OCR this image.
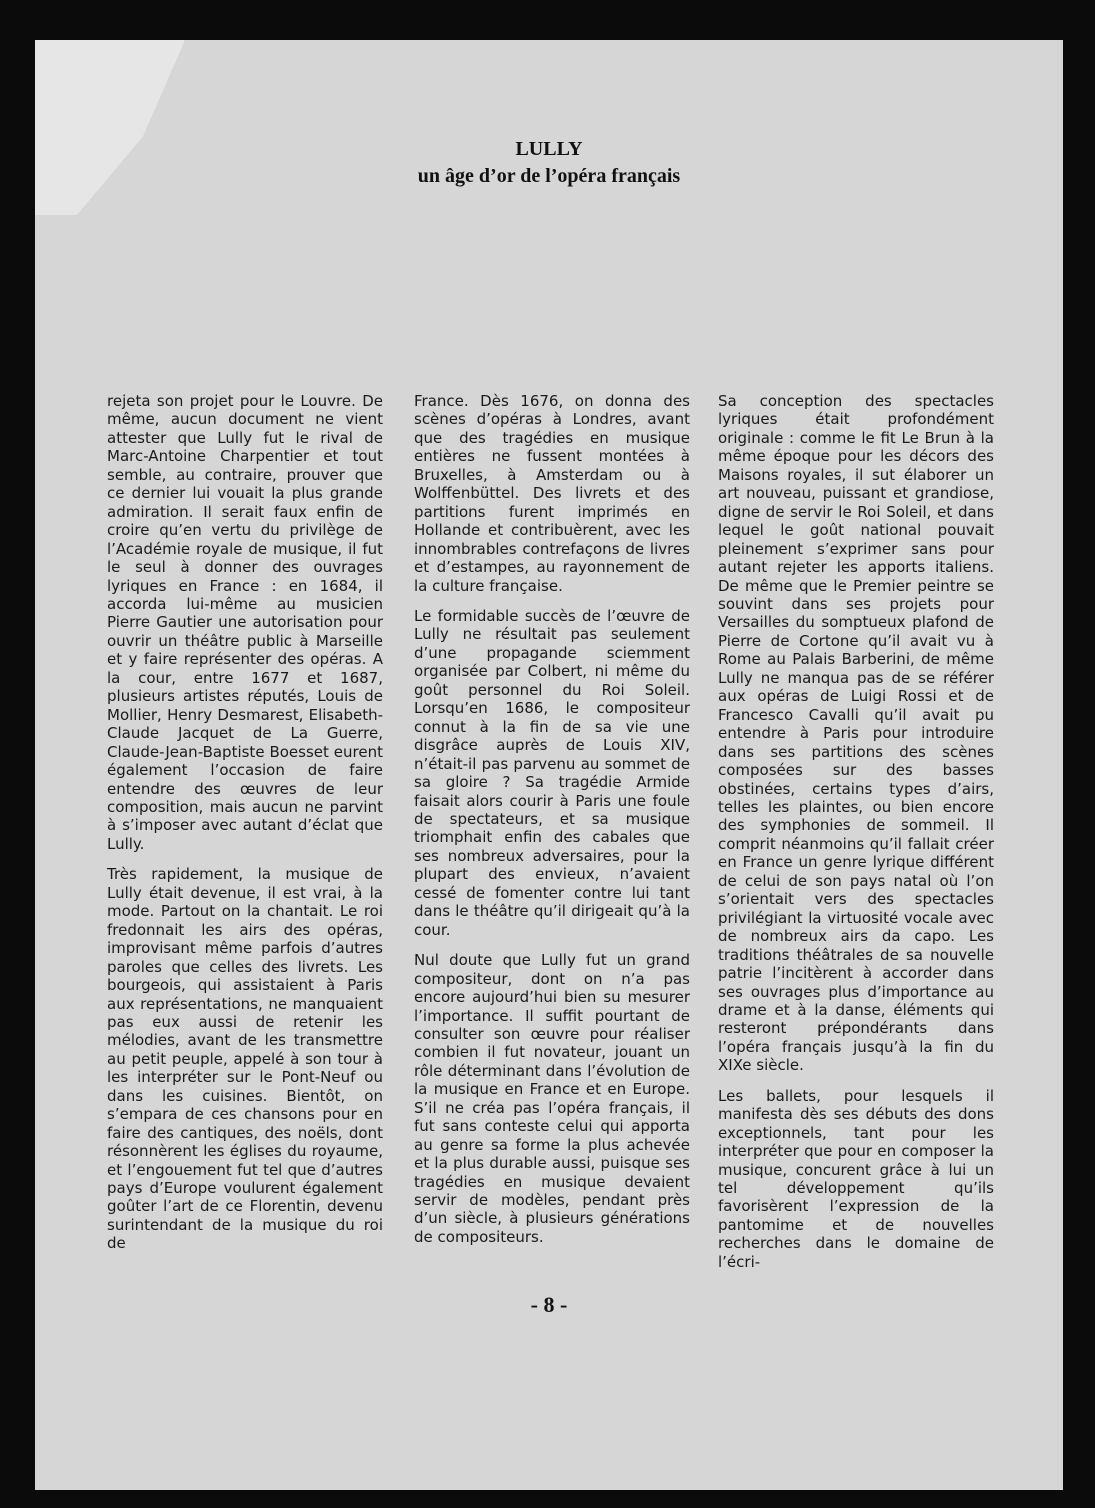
LULLY

un âge d’or de l’opéra français

rejeta son projet pour le Louvre. De même, aucun document ne vient attester que Lully fut le rival de Marc-Antoine Charpentier et tout semble, au contraire, prouver que ce dernier lui vouait la plus grande admiration. Il serait faux enfin de croire qu’en vertu du privilège de l’Académie royale de musique, il fut le seul à donner des ouvrages lyriques en France : en 1684, il accorda lui-même au musicien Pierre Gautier une autorisation pour ouvrir un théâtre public à Marseille et y faire représenter des opéras. A la cour, entre 1677 et 1687, plusieurs artistes réputés, Louis de Mollier, Henry Desmarest, Elisabeth-Claude Jacquet de La Guerre, Claude-Jean-Baptiste Boesset eurent également l’occasion de faire entendre des œuvres de leur composition, mais aucun ne parvint à s’imposer avec autant d’éclat que Lully.

Très rapidement, la musique de Lully était devenue, il est vrai, à la mode. Partout on la chantait. Le roi fredonnait les airs des opéras, improvisant même parfois d’autres paroles que celles des livrets. Les bourgeois, qui assistaient à Paris aux représentations, ne manquaient pas eux aussi de retenir les mélodies, avant de les transmettre au petit peuple, appelé à son tour à les interpréter sur le Pont-Neuf ou dans les cuisines. Bientôt, on s’empara de ces chansons pour en faire des cantiques, des noëls, dont résonnèrent les églises du royaume, et l’engouement fut tel que d’autres pays d’Europe voulurent également goûter l’art de ce Florentin, devenu surintendant de la musique du roi de

France. Dès 1676, on donna des scènes d’opéras à Londres, avant que des tragédies en musique entières ne fussent montées à Bruxelles, à Amsterdam ou à Wolffenbüttel. Des livrets et des partitions furent imprimés en Hollande et contribuèrent, avec les innombrables contrefaçons de livres et d’estampes, au rayonnement de la culture française.

Le formidable succès de l’œuvre de Lully ne résultait pas seulement d’une propagande sciemment organisée par Colbert, ni même du goût personnel du Roi Soleil. Lorsqu’en 1686, le compositeur connut à la fin de sa vie une disgrâce auprès de Louis XIV, n’était-il pas parvenu au sommet de sa gloire ? Sa tragédie Armide faisait alors courir à Paris une foule de spectateurs, et sa musique triomphait enfin des cabales que ses nombreux adversaires, pour la plupart des envieux, n’avaient cessé de fomenter contre lui tant dans le théâtre qu’il dirigeait qu’à la cour.

Nul doute que Lully fut un grand compositeur, dont on n’a pas encore aujourd’hui bien su mesurer l’importance. Il suffit pourtant de consulter son œuvre pour réaliser combien il fut novateur, jouant un rôle déterminant dans l’évolution de la musique en France et en Europe. S’il ne créa pas l’opéra français, il fut sans conteste celui qui apporta au genre sa forme la plus achevée et la plus durable aussi, puisque ses tragédies en musique devaient servir de modèles, pendant près d’un siècle, à plusieurs générations de compositeurs.

Sa conception des spectacles lyriques était profondément originale : comme le fit Le Brun à la même époque pour les décors des Maisons royales, il sut élaborer un art nouveau, puissant et grandiose, digne de servir le Roi Soleil, et dans lequel le goût national pouvait pleinement s’exprimer sans pour autant rejeter les apports italiens. De même que le Premier peintre se souvint dans ses projets pour Versailles du somptueux plafond de Pierre de Cortone qu’il avait vu à Rome au Palais Barberini, de même Lully ne manqua pas de se référer aux opéras de Luigi Rossi et de Francesco Cavalli qu’il avait pu entendre à Paris pour introduire dans ses partitions des scènes composées sur des basses obstinées, certains types d’airs, telles les plaintes, ou bien encore des symphonies de sommeil. Il comprit néanmoins qu’il fallait créer en France un genre lyrique différent de celui de son pays natal où l’on s’orientait vers des spectacles privilégiant la virtuosité vocale avec de nombreux airs da capo. Les traditions théâtrales de sa nouvelle patrie l’incitèrent à accorder dans ses ouvrages plus d’importance au drame et à la danse, éléments qui resteront prépondérants dans l’opéra français jusqu’à la fin du XIXe siècle.

Les ballets, pour lesquels il manifesta dès ses débuts des dons exceptionnels, tant pour les interpréter que pour en composer la musique, concurent grâce à lui un tel développement qu’ils favorisèrent l’expression de la pantomime et de nouvelles recherches dans le domaine de l’écri-

- 8 -
